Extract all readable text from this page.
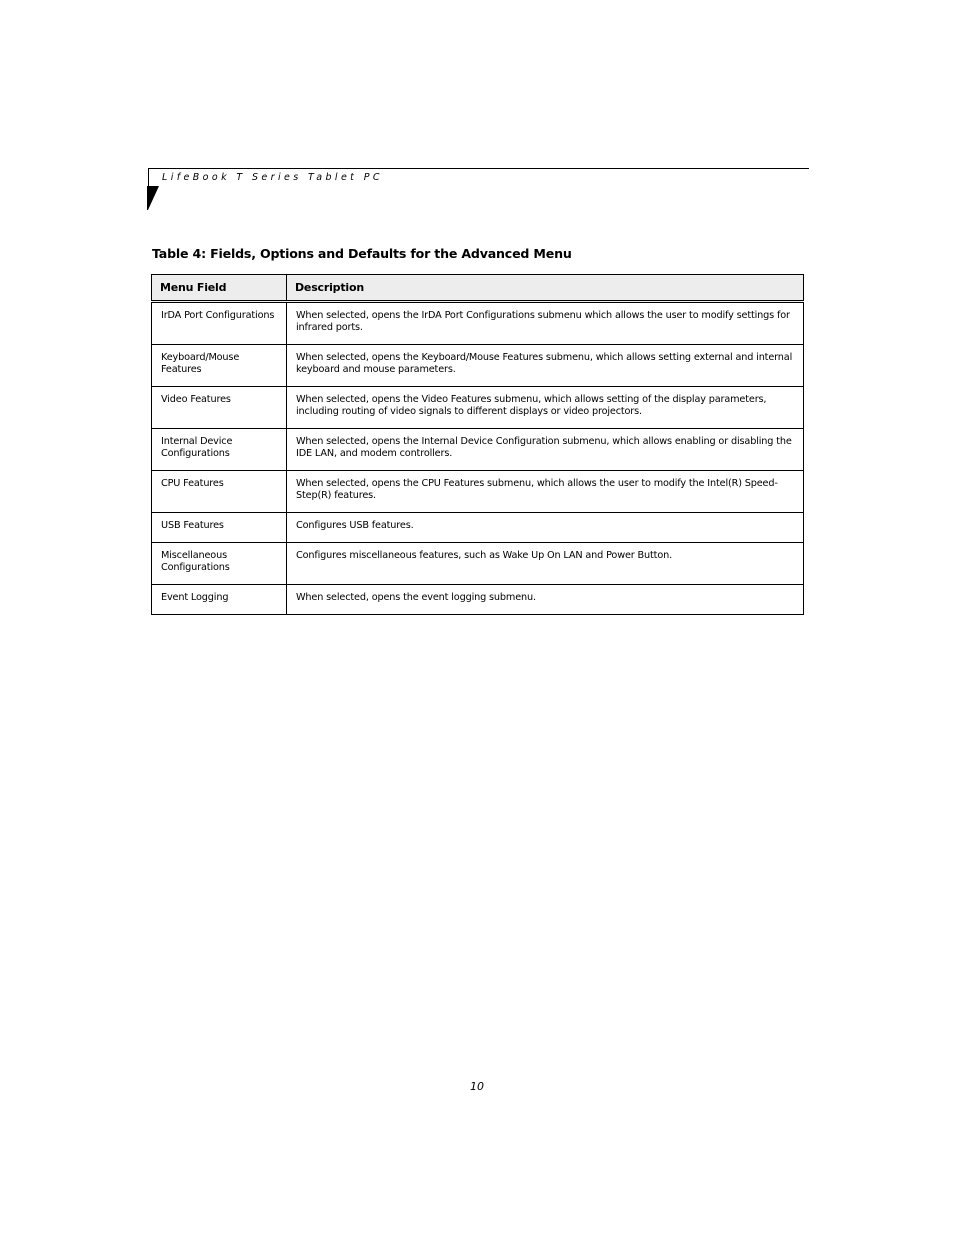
LifeBook T Series Tablet PC
Table 4: Fields, Options and Defaults for the Advanced Menu
Menu Field	Description
IrDA Port Configurations	When selected, opens the IrDA Port Configurations submenu which allows the user to modify settings for infrared ports.
Keyboard/Mouse Features	When selected, opens the Keyboard/Mouse Features submenu, which allows setting external and internal keyboard and mouse parameters.
Video Features	When selected, opens the Video Features submenu, which allows setting of the display parameters, including routing of video signals to different displays or video projectors.
Internal Device Configurations	When selected, opens the Internal Device Configuration submenu, which allows enabling or disabling the IDE LAN, and modem controllers.
CPU Features	When selected, opens the CPU Features submenu, which allows the user to modify the Intel(R) Speed-Step(R) features.
USB Features	Configures USB features.
Miscellaneous Configurations	Configures miscellaneous features, such as Wake Up On LAN and Power Button.
Event Logging	When selected, opens the event logging submenu.
10
